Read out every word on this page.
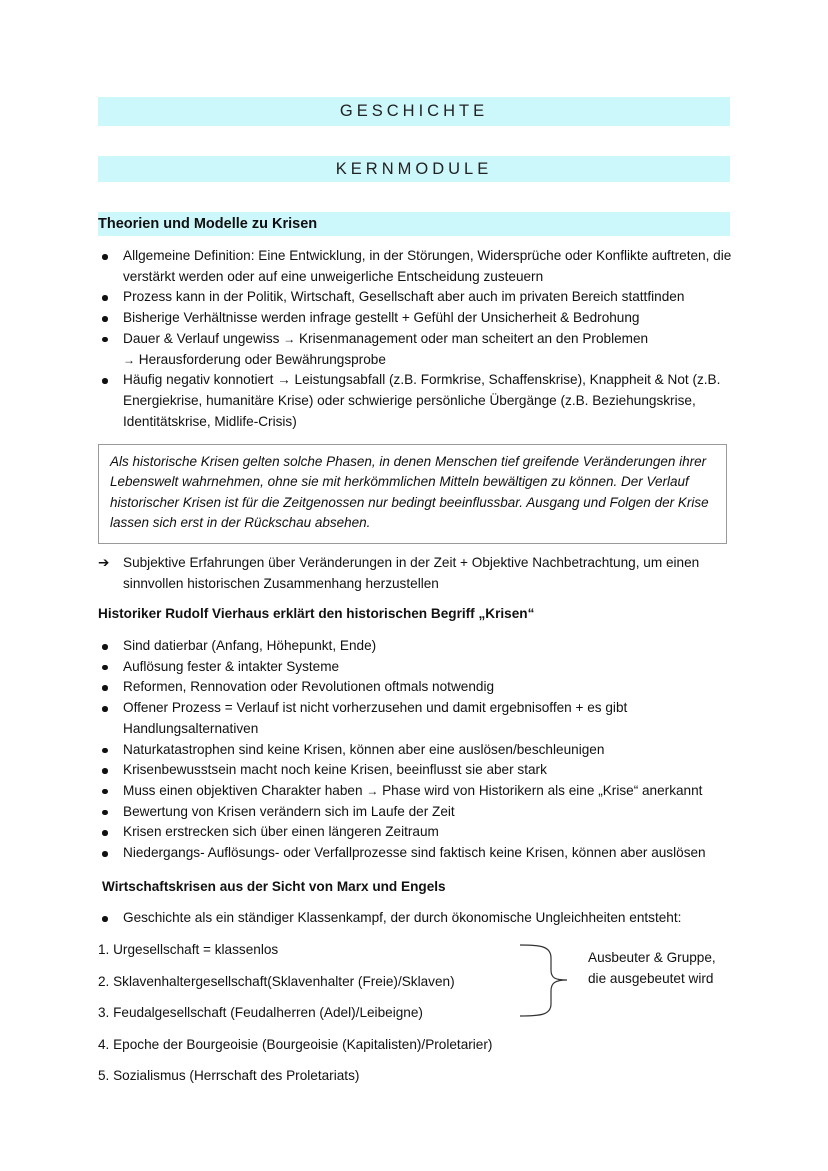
GESCHICHTE
KERNMODULE
Theorien und Modelle zu Krisen
Allgemeine Definition: Eine Entwicklung, in der Störungen, Widersprüche oder Konflikte auftreten, die verstärkt werden oder auf eine unweigerliche Entscheidung zusteuern
Prozess kann in der Politik, Wirtschaft, Gesellschaft aber auch im privaten Bereich stattfinden
Bisherige Verhältnisse werden infrage gestellt + Gefühl der Unsicherheit & Bedrohung
Dauer & Verlauf ungewiss → Krisenmanagement oder man scheitert an den Problemen
→ Herausforderung oder Bewährungsprobe
Häufig negativ konnotiert → Leistungsabfall (z.B. Formkrise, Schaffenskrise), Knappheit & Not (z.B. Energiekrise, humanitäre Krise) oder schwierige persönliche Übergänge (z.B. Beziehungskrise, Identitätskrise, Midlife-Crisis)
Als historische Krisen gelten solche Phasen, in denen Menschen tief greifende Veränderungen ihrer Lebenswelt wahrnehmen, ohne sie mit herkömmlichen Mitteln bewältigen zu können. Der Verlauf historischer Krisen ist für die Zeitgenossen nur bedingt beeinflussbar. Ausgang und Folgen der Krise lassen sich erst in der Rückschau absehen.
➔ Subjektive Erfahrungen über Veränderungen in der Zeit + Objektive Nachbetrachtung, um einen sinnvollen historischen Zusammenhang herzustellen
Historiker Rudolf Vierhaus erklärt den historischen Begriff „Krisen“
Sind datierbar (Anfang, Höhepunkt, Ende)
Auflösung fester & intakter Systeme
Reformen, Rennovation oder Revolutionen oftmals notwendig
Offener Prozess = Verlauf ist nicht vorherzusehen und damit ergebnisoffen + es gibt Handlungsalternativen
Naturkatastrophen sind keine Krisen, können aber eine auslösen/beschleunigen
Krisenbewusstsein macht noch keine Krisen, beeinflusst sie aber stark
Muss einen objektiven Charakter haben → Phase wird von Historikern als eine „Krise“ anerkannt
Bewertung von Krisen verändern sich im Laufe der Zeit
Krisen erstrecken sich über einen längeren Zeitraum
Niedergangs- Auflösungs- oder Verfallprozesse sind faktisch keine Krisen, können aber auslösen
Wirtschaftskrisen aus der Sicht von Marx und Engels
Geschichte als ein ständiger Klassenkampf, der durch ökonomische Ungleichheiten entsteht:
1. Urgesellschaft = klassenlos
2. Sklavenhaltergesellschaft(Sklavenhalter (Freie)/Sklaven)
3. Feudalgesellschaft (Feudalherren (Adel)/Leibeigne)
4. Epoche der Bourgeoisie (Bourgeoisie (Kapitalisten)/Proletarier)
5. Sozialismus (Herrschaft des Proletariats)
Ausbeuter & Gruppe, die ausgebeutet wird
